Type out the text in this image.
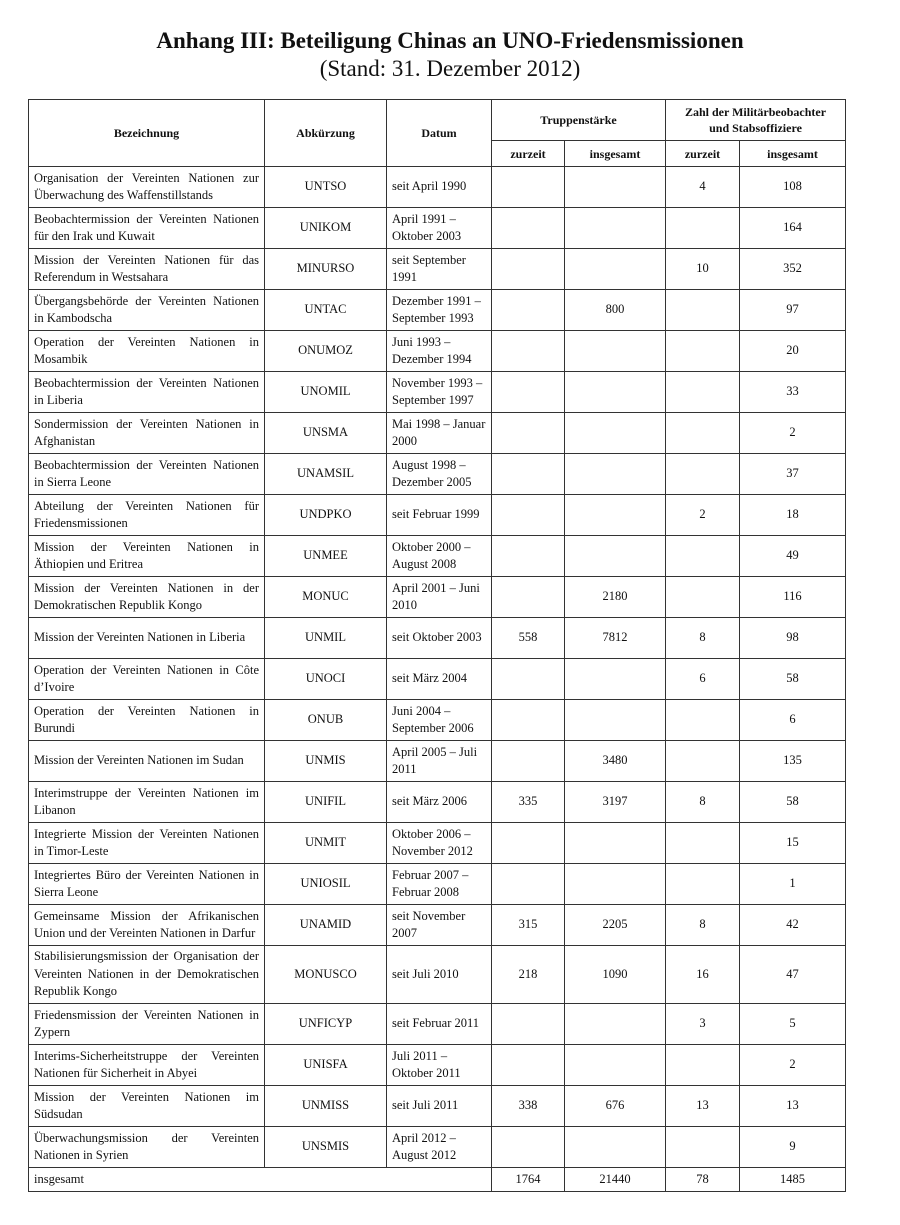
Anhang III: Beteiligung Chinas an UNO-Friedensmissionen
(Stand: 31. Dezember 2012)
Bezeichnung	Abkürzung	Datum	Truppenstärke		Zahl der Militärbeobachter
und Stabsoffiziere	
			zurzeit	insgesamt	zurzeit	insgesamt
Organisation der Vereinten Nationen zur Überwachung des Waffenstillstands	UNTSO	seit April 1990			4	108
Beobachtermission der Vereinten Nationen für den Irak und Kuwait	UNIKOM	April 1991 – Oktober 2003				164
Mission der Vereinten Nationen für das Referendum in Westsahara	MINURSO	seit September 1991			10	352
Übergangsbehörde der Vereinten Nationen in Kambodscha	UNTAC	Dezember 1991 – September 1993		800		97
Operation der Vereinten Nationen in Mosambik	ONUMOZ	Juni 1993 – Dezember 1994				20
Beobachtermission der Vereinten Nationen in Liberia	UNOMIL	November 1993 – September 1997				33
Sondermission der Vereinten Nationen in Afghanistan	UNSMA	Mai 1998 – Januar 2000				2
Beobachtermission der Vereinten Nationen in Sierra Leone	UNAMSIL	August 1998 – Dezember 2005				37
Abteilung der Vereinten Nationen für Friedensmissionen	UNDPKO	seit Februar 1999			2	18
Mission der Vereinten Nationen in Äthiopien und Eritrea	UNMEE	Oktober 2000 – August 2008				49
Mission der Vereinten Nationen in der Demokratischen Republik Kongo	MONUC	April 2001 – Juni 2010		2180		116
Mission der Vereinten Nationen in Liberia	UNMIL	seit Oktober 2003	558	7812	8	98
Operation der Vereinten Nationen in Côte d’Ivoire	UNOCI	seit März 2004			6	58
Operation der Vereinten Nationen in Burundi	ONUB	Juni 2004 – September 2006				6
Mission der Vereinten Nationen im Sudan	UNMIS	April 2005 – Juli 2011		3480		135
Interimstruppe der Vereinten Nationen im Libanon	UNIFIL	seit März 2006	335	3197	8	58
Integrierte Mission der Vereinten Nationen in Timor-Leste	UNMIT	Oktober 2006 – November 2012				15
Integriertes Büro der Vereinten Nationen in Sierra Leone	UNIOSIL	Februar 2007 – Februar 2008				1
Gemeinsame Mission der Afrikanischen Union und der Vereinten Nationen in Darfur	UNAMID	seit November 2007	315	2205	8	42
Stabilisierungsmission der Organisation der Vereinten Nationen in der Demokratischen Republik Kongo	MONUSCO	seit Juli 2010	218	1090	16	47
Friedensmission der Vereinten Nationen in Zypern	UNFICYP	seit Februar 2011			3	5
Interims-Sicherheitstruppe der Vereinten Nationen für Sicherheit in Abyei	UNISFA	Juli 2011 – Oktober 2011				2
Mission der Vereinten Nationen im Südsudan	UNMISS	seit Juli 2011	338	676	13	13
Überwachungsmission der Vereinten Nationen in Syrien	UNSMIS	April 2012 – August 2012				9
insgesamt			1764	21440	78	1485
